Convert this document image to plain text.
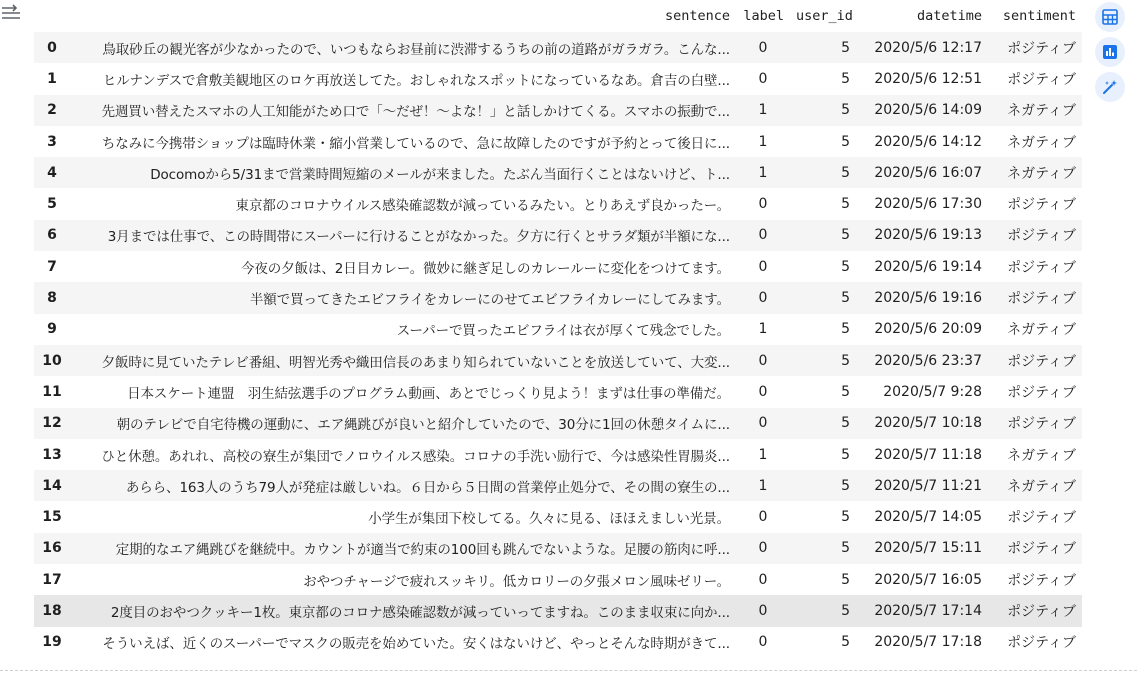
	sentence	label	user_id	datetime	sentiment
0	鳥取砂丘の観光客が少なかったので、いつもならお昼前に渋滞するうちの前の道路がガラガラ。こんな...	0	5	2020/5/6 12:17	ポジティブ
1	ヒルナンデスで倉敷美観地区のロケ再放送してた。おしゃれなスポットになっているなあ。倉吉の白壁...	0	5	2020/5/6 12:51	ポジティブ
2	先週買い替えたスマホの人工知能がため口で「〜だぜ！〜よな！」と話しかけてくる。スマホの振動で...	1	5	2020/5/6 14:09	ネガティブ
3	ちなみに今携帯ショップは臨時休業・縮小営業しているので、急に故障したのですが予約とって後日に...	1	5	2020/5/6 14:12	ネガティブ
4	Docomoから5/31まで営業時間短縮のメールが来ました。たぶん当面行くことはないけど、ト...	1	5	2020/5/6 16:07	ネガティブ
5	東京都のコロナウイルス感染確認数が減っているみたい。とりあえず良かったー。	0	5	2020/5/6 17:30	ポジティブ
6	3月までは仕事で、この時間帯にスーパーに行けることがなかった。夕方に行くとサラダ類が半額にな...	0	5	2020/5/6 19:13	ポジティブ
7	今夜の夕飯は、2日目カレー。微妙に継ぎ足しのカレールーに変化をつけてます。	0	5	2020/5/6 19:14	ポジティブ
8	半額で買ってきたエビフライをカレーにのせてエビフライカレーにしてみます。	0	5	2020/5/6 19:16	ポジティブ
9	スーパーで買ったエビフライは衣が厚くて残念でした。	1	5	2020/5/6 20:09	ネガティブ
10	夕飯時に見ていたテレビ番組、明智光秀や織田信長のあまり知られていないことを放送していて、大変...	0	5	2020/5/6 23:37	ポジティブ
11	日本スケート連盟　羽生結弦選手のプログラム動画、あとでじっくり見よう！まずは仕事の準備だ。	0	5	2020/5/7 9:28	ポジティブ
12	朝のテレビで自宅待機の運動に、エア縄跳びが良いと紹介していたので、30分に1回の休憩タイムに...	0	5	2020/5/7 10:18	ポジティブ
13	ひと休憩。あれれ、高校の寮生が集団でノロウイルス感染。コロナの手洗い励行で、今は感染性胃腸炎...	1	5	2020/5/7 11:18	ネガティブ
14	あらら、163人のうち79人が発症は厳しいね。６日から５日間の営業停止処分で、その間の寮生の...	1	5	2020/5/7 11:21	ネガティブ
15	小学生が集団下校してる。久々に見る、ほほえましい光景。	0	5	2020/5/7 14:05	ポジティブ
16	定期的なエア縄跳びを継続中。カウントが適当で約束の100回も跳んでないような。足腰の筋肉に呼...	0	5	2020/5/7 15:11	ポジティブ
17	おやつチャージで疲れスッキリ。低カロリーの夕張メロン風味ゼリー。	0	5	2020/5/7 16:05	ポジティブ
18	2度目のおやつクッキー1枚。東京都のコロナ感染確認数が減っていってますね。このまま収束に向か...	0	5	2020/5/7 17:14	ポジティブ
19	そういえば、近くのスーパーでマスクの販売を始めていた。安くはないけど、やっとそんな時期がきて...	0	5	2020/5/7 17:18	ポジティブ
